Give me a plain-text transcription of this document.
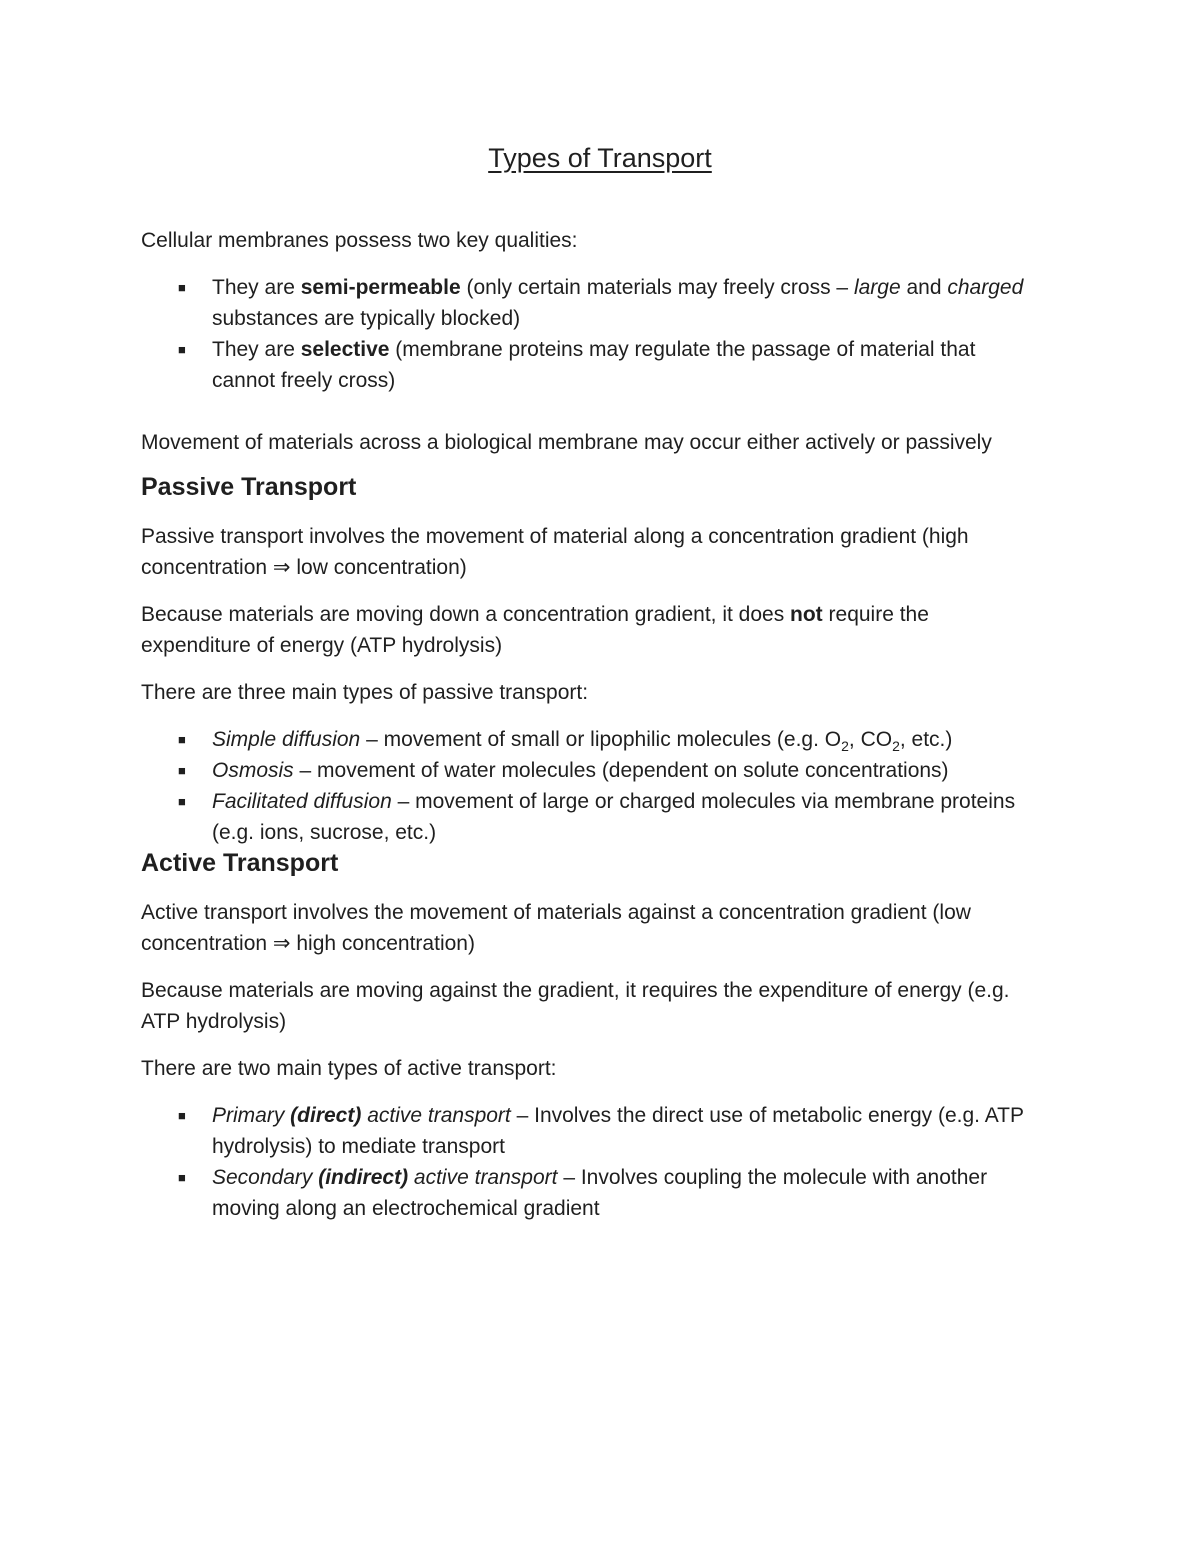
Types of Transport

Cellular membranes possess two key qualities:

■ They are semi-permeable (only certain materials may freely cross – large and charged substances are typically blocked)
■ They are selective (membrane proteins may regulate the passage of material that cannot freely cross)

Movement of materials across a biological membrane may occur either actively or passively

Passive Transport

Passive transport involves the movement of material along a concentration gradient (high concentration ⇒ low concentration)

Because materials are moving down a concentration gradient, it does not require the expenditure of energy (ATP hydrolysis)

There are three main types of passive transport:

■ Simple diffusion – movement of small or lipophilic molecules (e.g. $O_2$, $CO_2$, etc.)
■ Osmosis – movement of water molecules (dependent on solute concentrations)
■ Facilitated diffusion – movement of large or charged molecules via membrane proteins (e.g. ions, sucrose, etc.)
Active Transport

Active transport involves the movement of materials against a concentration gradient (low concentration ⇒ high concentration)

Because materials are moving against the gradient, it requires the expenditure of energy (e.g. ATP hydrolysis)

There are two main types of active transport:

■ Primary (direct) active transport – Involves the direct use of metabolic energy (e.g. ATP hydrolysis) to mediate transport
■ Secondary (indirect) active transport – Involves coupling the molecule with another moving along an electrochemical gradient
